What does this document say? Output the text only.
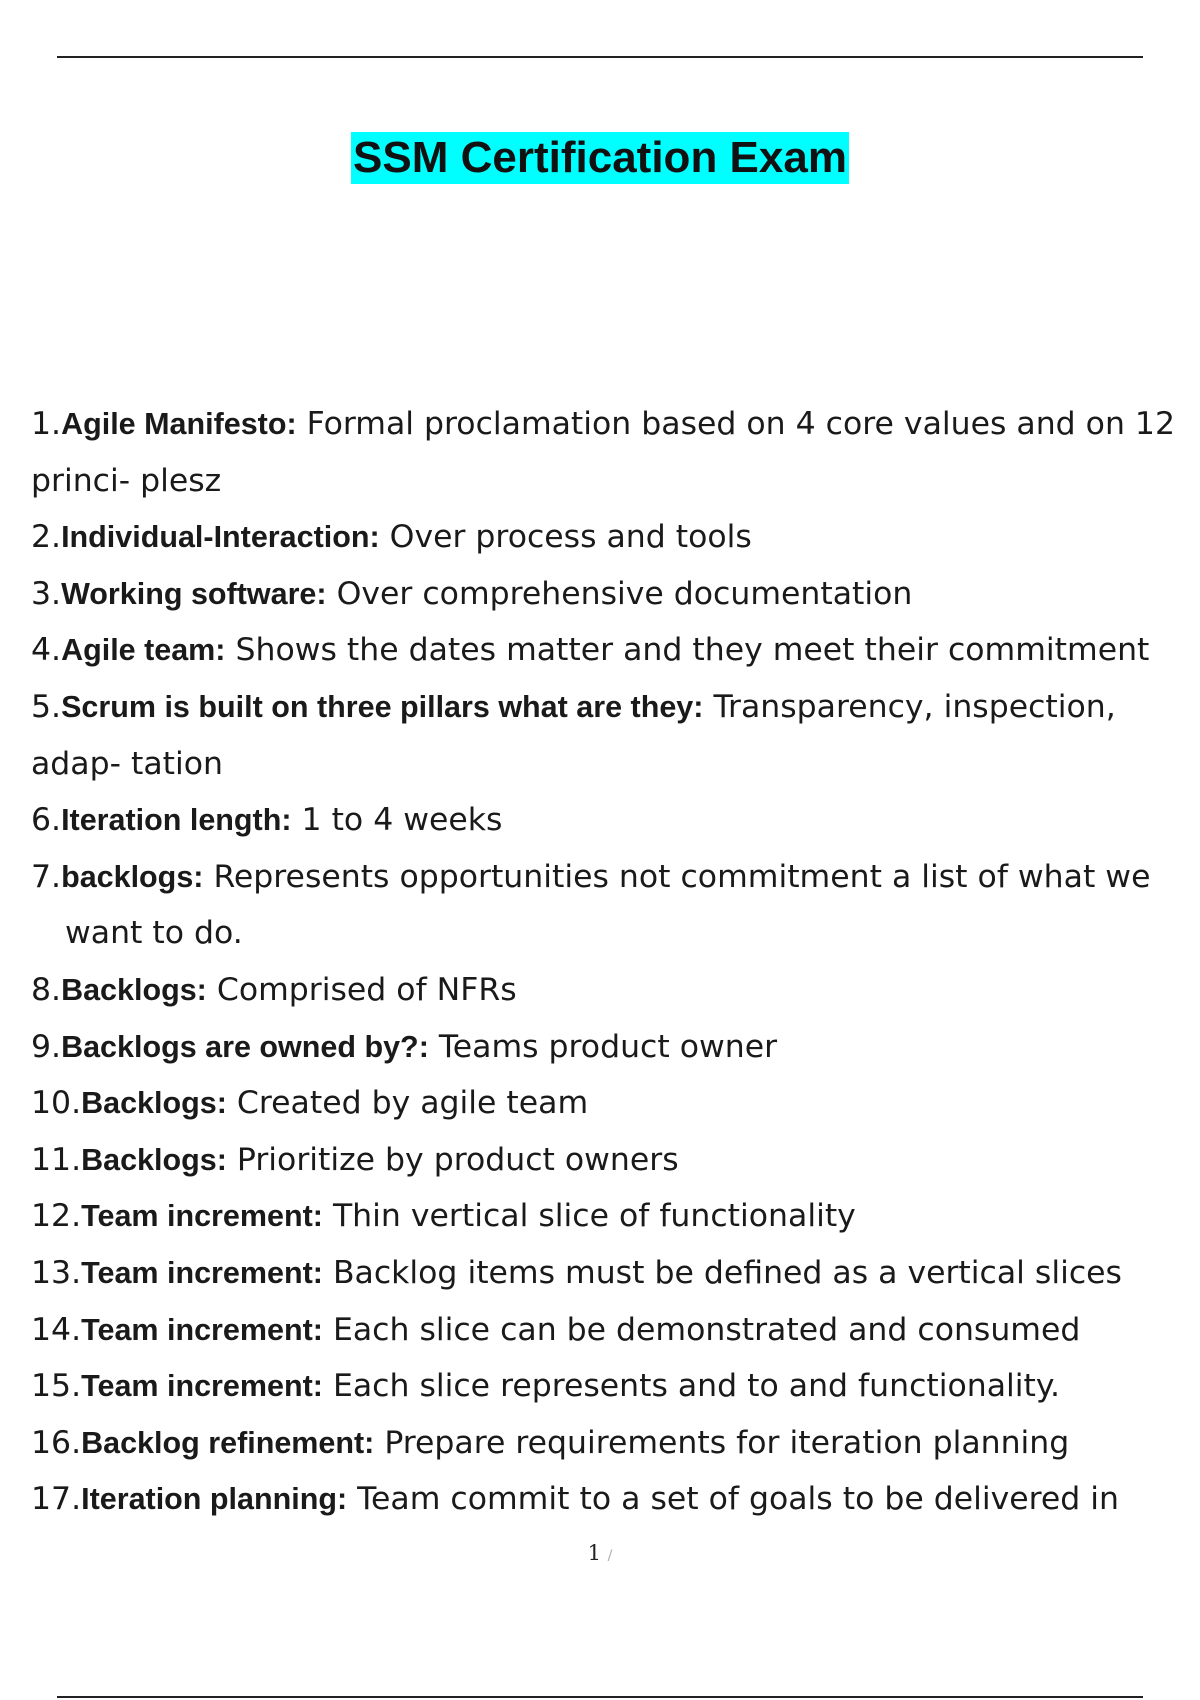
SSM Certification Exam
1.Agile Manifesto: Formal proclamation based on 4 core values and on 12 princi- plesz
2.Individual-Interaction: Over process and tools
3.Working software: Over comprehensive documentation
4.Agile team: Shows the dates matter and they meet their commitment
5.Scrum is built on three pillars what are they: Transparency, inspection, adap- tation
6.Iteration length: 1 to 4 weeks
7.backlogs: Represents opportunities not commitment a list of what we want to do.
8.Backlogs: Comprised of NFRs
9.Backlogs are owned by?: Teams product owner
10.Backlogs: Created by agile team
11.Backlogs: Prioritize by product owners
12.Team increment: Thin vertical slice of functionality
13.Team increment: Backlog items must be defined as a vertical slices
14.Team increment: Each slice can be demonstrated and consumed
15.Team increment: Each slice represents and to and functionality.
16.Backlog refinement: Prepare requirements for iteration planning
17.Iteration planning: Team commit to a set of goals to be delivered in
1 /
